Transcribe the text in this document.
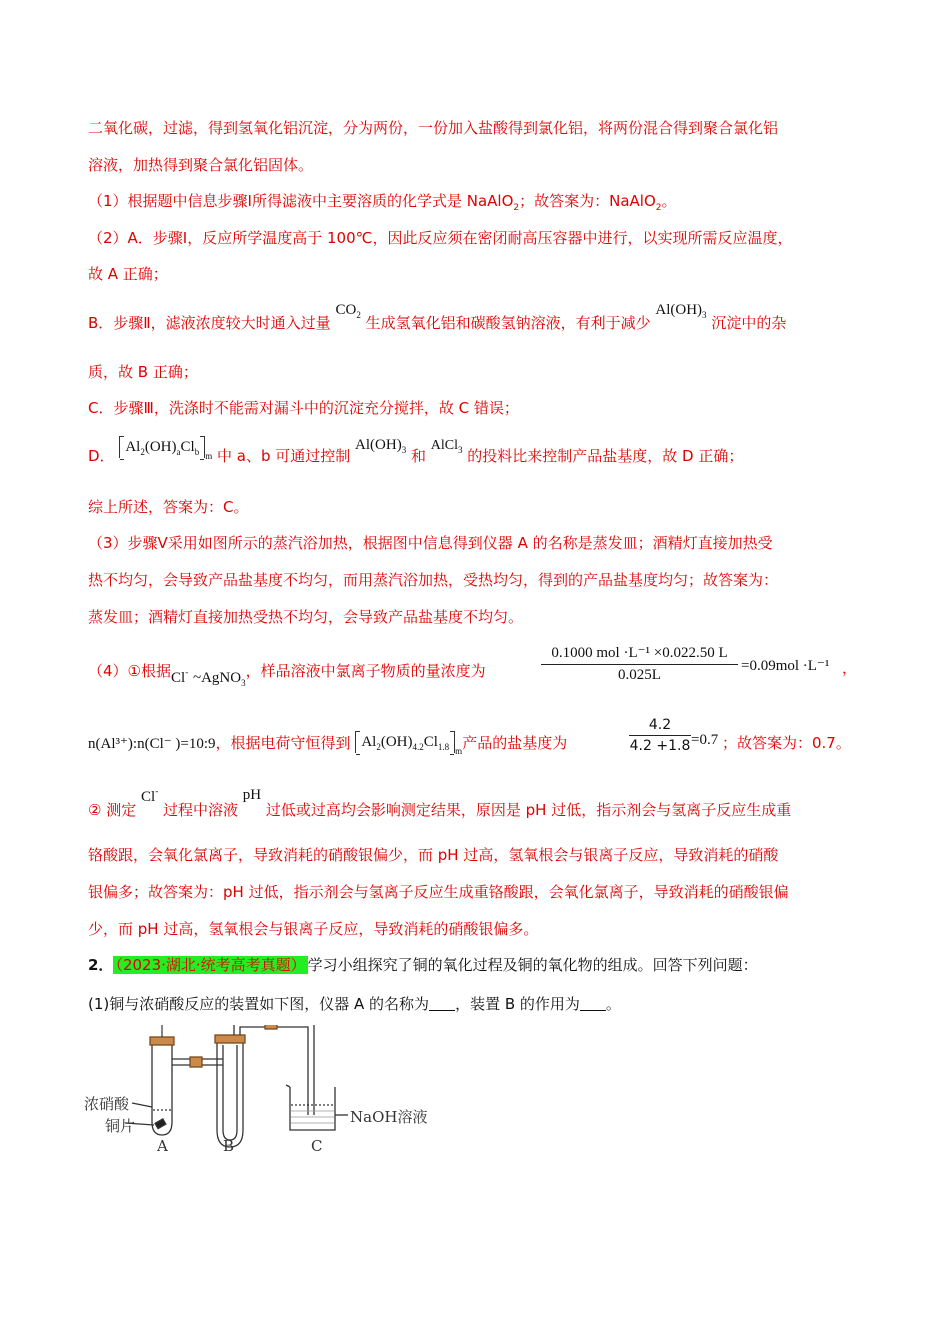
二氧化碳，过滤，得到氢氧化铝沉淀，分为两份，一份加入盐酸得到氯化铝，将两份混合得到聚合氯化铝
溶液，加热得到聚合氯化铝固体。
（1）根据题中信息步骤Ⅰ所得滤液中主要溶质的化学式是 NaAlO$_2$；故答案为：NaAlO$_2$。
（2）A．步骤Ⅰ，反应所学温度高于 100℃，因此反应须在密闭耐高压容器中进行，以实现所需反应温度，
故 A 正确；
B．步骤Ⅱ，滤液浓度较大时通入过量 $CO_2$ 生成氢氧化铝和碳酸氢钠溶液，有利于减少 $Al(OH)_3$ 沉淀中的杂
质，故 B 正确；
C．步骤Ⅲ，洗涤时不能需对漏斗中的沉淀充分搅拌，故 C 错误；
D． $Al_2(OH)_aCl_b$ $_m$ 中 a、b 可通过控制 $Al(OH)_3$ 和 AlCl$_3$ 的投料比来控制产品盐基度，故 D 正确；
综上所述，答案为：C。
（3）步骤Ⅴ采用如图所示的蒸汽浴加热，根据图中信息得到仪器 A 的名称是蒸发皿；酒精灯直接加热受
热不均匀，会导致产品盐基度不均匀，而用蒸汽浴加热，受热均匀，得到的产品盐基度均匀；故答案为：
蒸发皿；酒精灯直接加热受热不均匀，会导致产品盐基度不均匀。
（4）①根据Cl- ~AgNO$_3$，样品溶液中氯离子物质的量浓度为
0.1000 mol ·L⁻¹ ×0.022.50 L
0.025L
=0.09mol ·L⁻¹ ，
n(Al³⁺):n(Cl⁻ )=10:9，根据电荷守恒得到 $Al_2(OH)_{4.2}Cl_{1.8}$ $_m$产品的盐基度为	$\frac{4.2}{4.2 +1.8} =0.7$ ；故答案为：0.7。
② 测定 Cl- 过程中溶液 pH 过低或过高均会影响测定结果，原因是 pH 过低，指示剂会与氢离子反应生成重
铬酸跟，会氧化氯离子，导致消耗的硝酸银偏少，而 pH 过高，氢氧根会与银离子反应，导致消耗的硝酸
银偏多；故答案为：pH 过低，指示剂会与氢离子反应生成重铬酸跟，会氧化氯离子，导致消耗的硝酸银偏
少，而 pH 过高，氢氧根会与银离子反应，导致消耗的硝酸银偏多。
2． （2023·湖北·统考高考真题） 学习小组探究了铜的氧化过程及铜的氧化物的组成。回答下列问题：
(1)铜与浓硝酸反应的装置如下图，仪器 A 的名称为 ，装置 B 的作用为 。
浓硝酸
铜片	NaOH溶液
A	B	C
